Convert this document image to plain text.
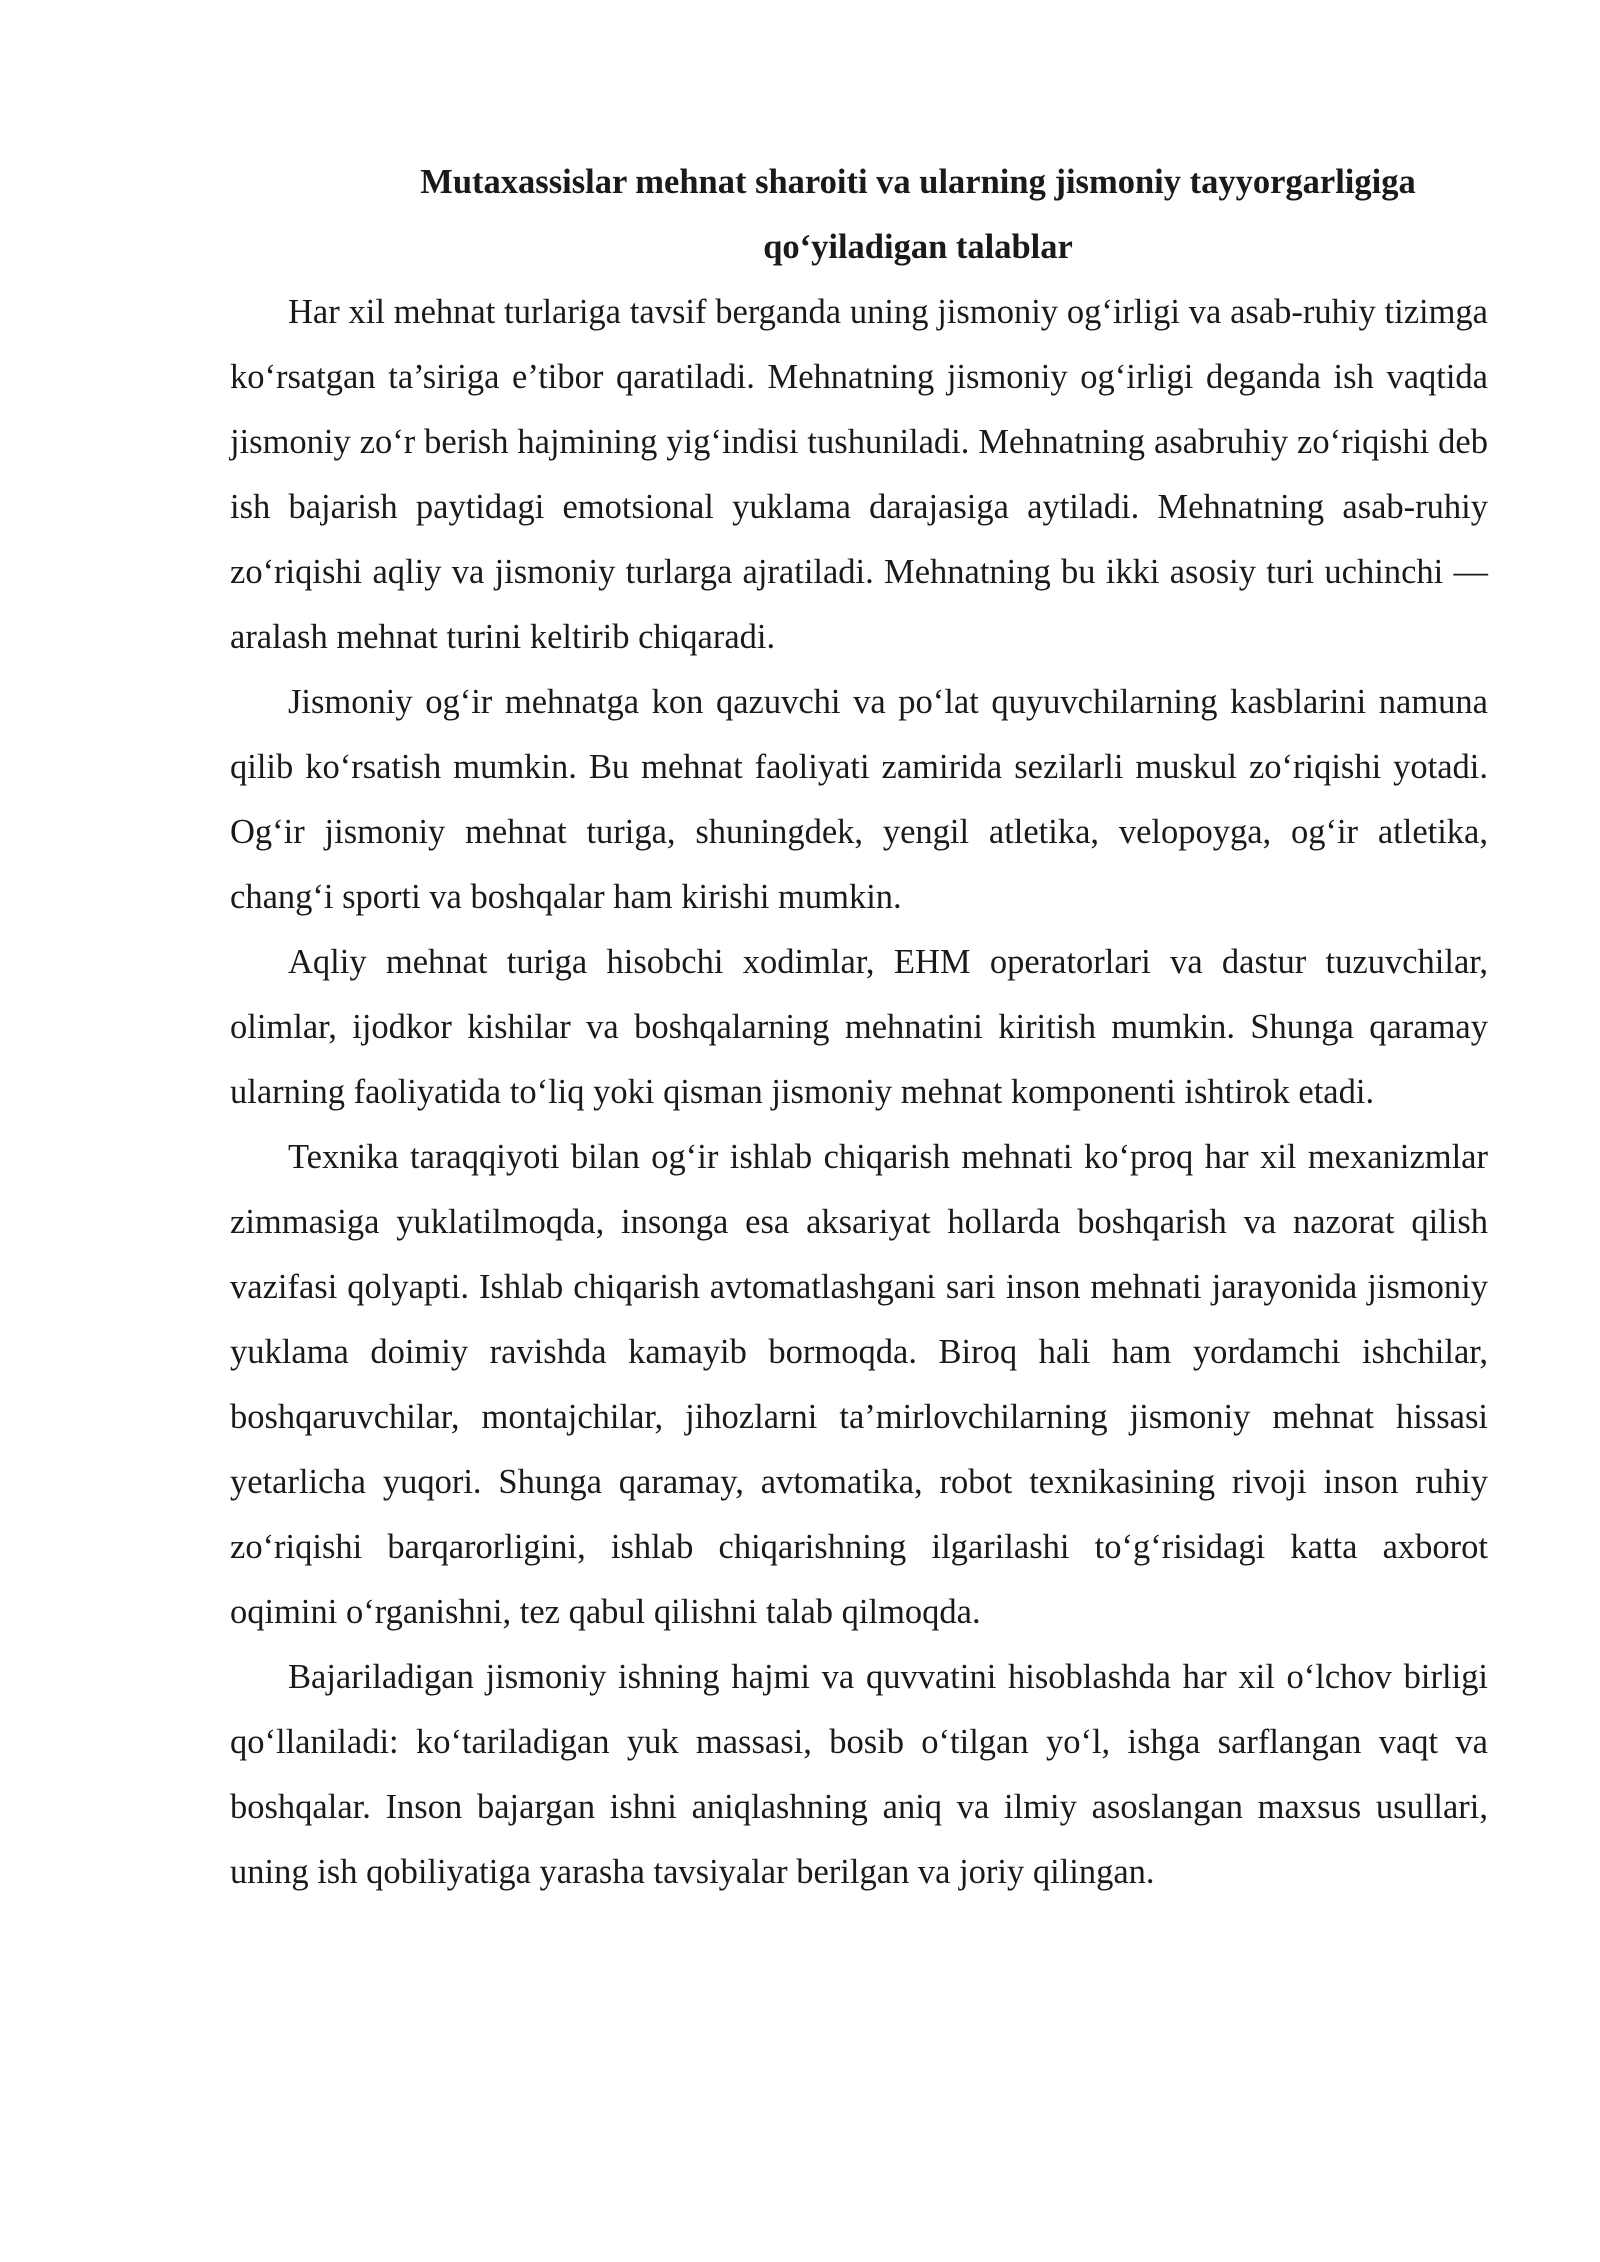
Mutaxassislar mehnat sharoiti va ularning jismoniy tayyorgarligiga
qo‘yiladigan talablar

Har xil mehnat turlariga tavsif berganda uning jismoniy og‘irligi va asab-ruhiy tizimga ko‘rsatgan ta’siriga e’tibor qaratiladi. Mehnatning jismoniy og‘irligi deganda ish vaqtida jismoniy zo‘r berish hajmining yig‘indisi tushuniladi. Mehnatning asabruhiy zo‘riqishi deb ish bajarish paytidagi emotsional yuklama darajasiga aytiladi. Mehnatning asab-ruhiy zo‘riqishi aqliy va jismoniy turlarga ajratiladi. Mehnatning bu ikki asosiy turi uchinchi — aralash mehnat turini keltirib chiqaradi.

Jismoniy og‘ir mehnatga kon qazuvchi va po‘lat quyuvchilarning kasblarini namuna qilib ko‘rsatish mumkin. Bu mehnat faoliyati zamirida sezilarli muskul zo‘riqishi yotadi. Og‘ir jismoniy mehnat turiga, shuningdek, yengil atletika, velopoyga, og‘ir atletika, chang‘i sporti va boshqalar ham kirishi mumkin.

Aqliy mehnat turiga hisobchi xodimlar, EHM operatorlari va dastur tuzuvchilar, olimlar, ijodkor kishilar va boshqalarning mehnatini kiritish mumkin. Shunga qaramay ularning faoliyatida to‘liq yoki qisman jismoniy mehnat komponenti ishtirok etadi.

Texnika taraqqiyoti bilan og‘ir ishlab chiqarish mehnati ko‘proq har xil mexanizmlar zimmasiga yuklatilmoqda, insonga esa aksariyat hollarda boshqarish va nazorat qilish vazifasi qolyapti. Ishlab chiqarish avtomatlashgani sari inson mehnati jarayonida jismoniy yuklama doimiy ravishda kamayib bormoqda. Biroq hali ham yordamchi ishchilar, boshqaruvchilar, montajchilar, jihozlarni ta’mirlovchilarning jismoniy mehnat hissasi yetarlicha yuqori. Shunga qaramay, avtomatika, robot texnikasining rivoji inson ruhiy zo‘riqishi barqarorligini, ishlab chiqarishning ilgarilashi to‘g‘risidagi katta axborot oqimini o‘rganishni, tez qabul qilishni talab qilmoqda.

Bajariladigan jismoniy ishning hajmi va quvvatini hisoblashda har xil o‘lchov birligi qo‘llaniladi: ko‘tariladigan yuk massasi, bosib o‘tilgan yo‘l, ishga sarflangan vaqt va boshqalar. Inson bajargan ishni aniqlashning aniq va ilmiy asoslangan maxsus usullari, uning ish qobiliyatiga yarasha tavsiyalar berilgan va joriy qilingan.
